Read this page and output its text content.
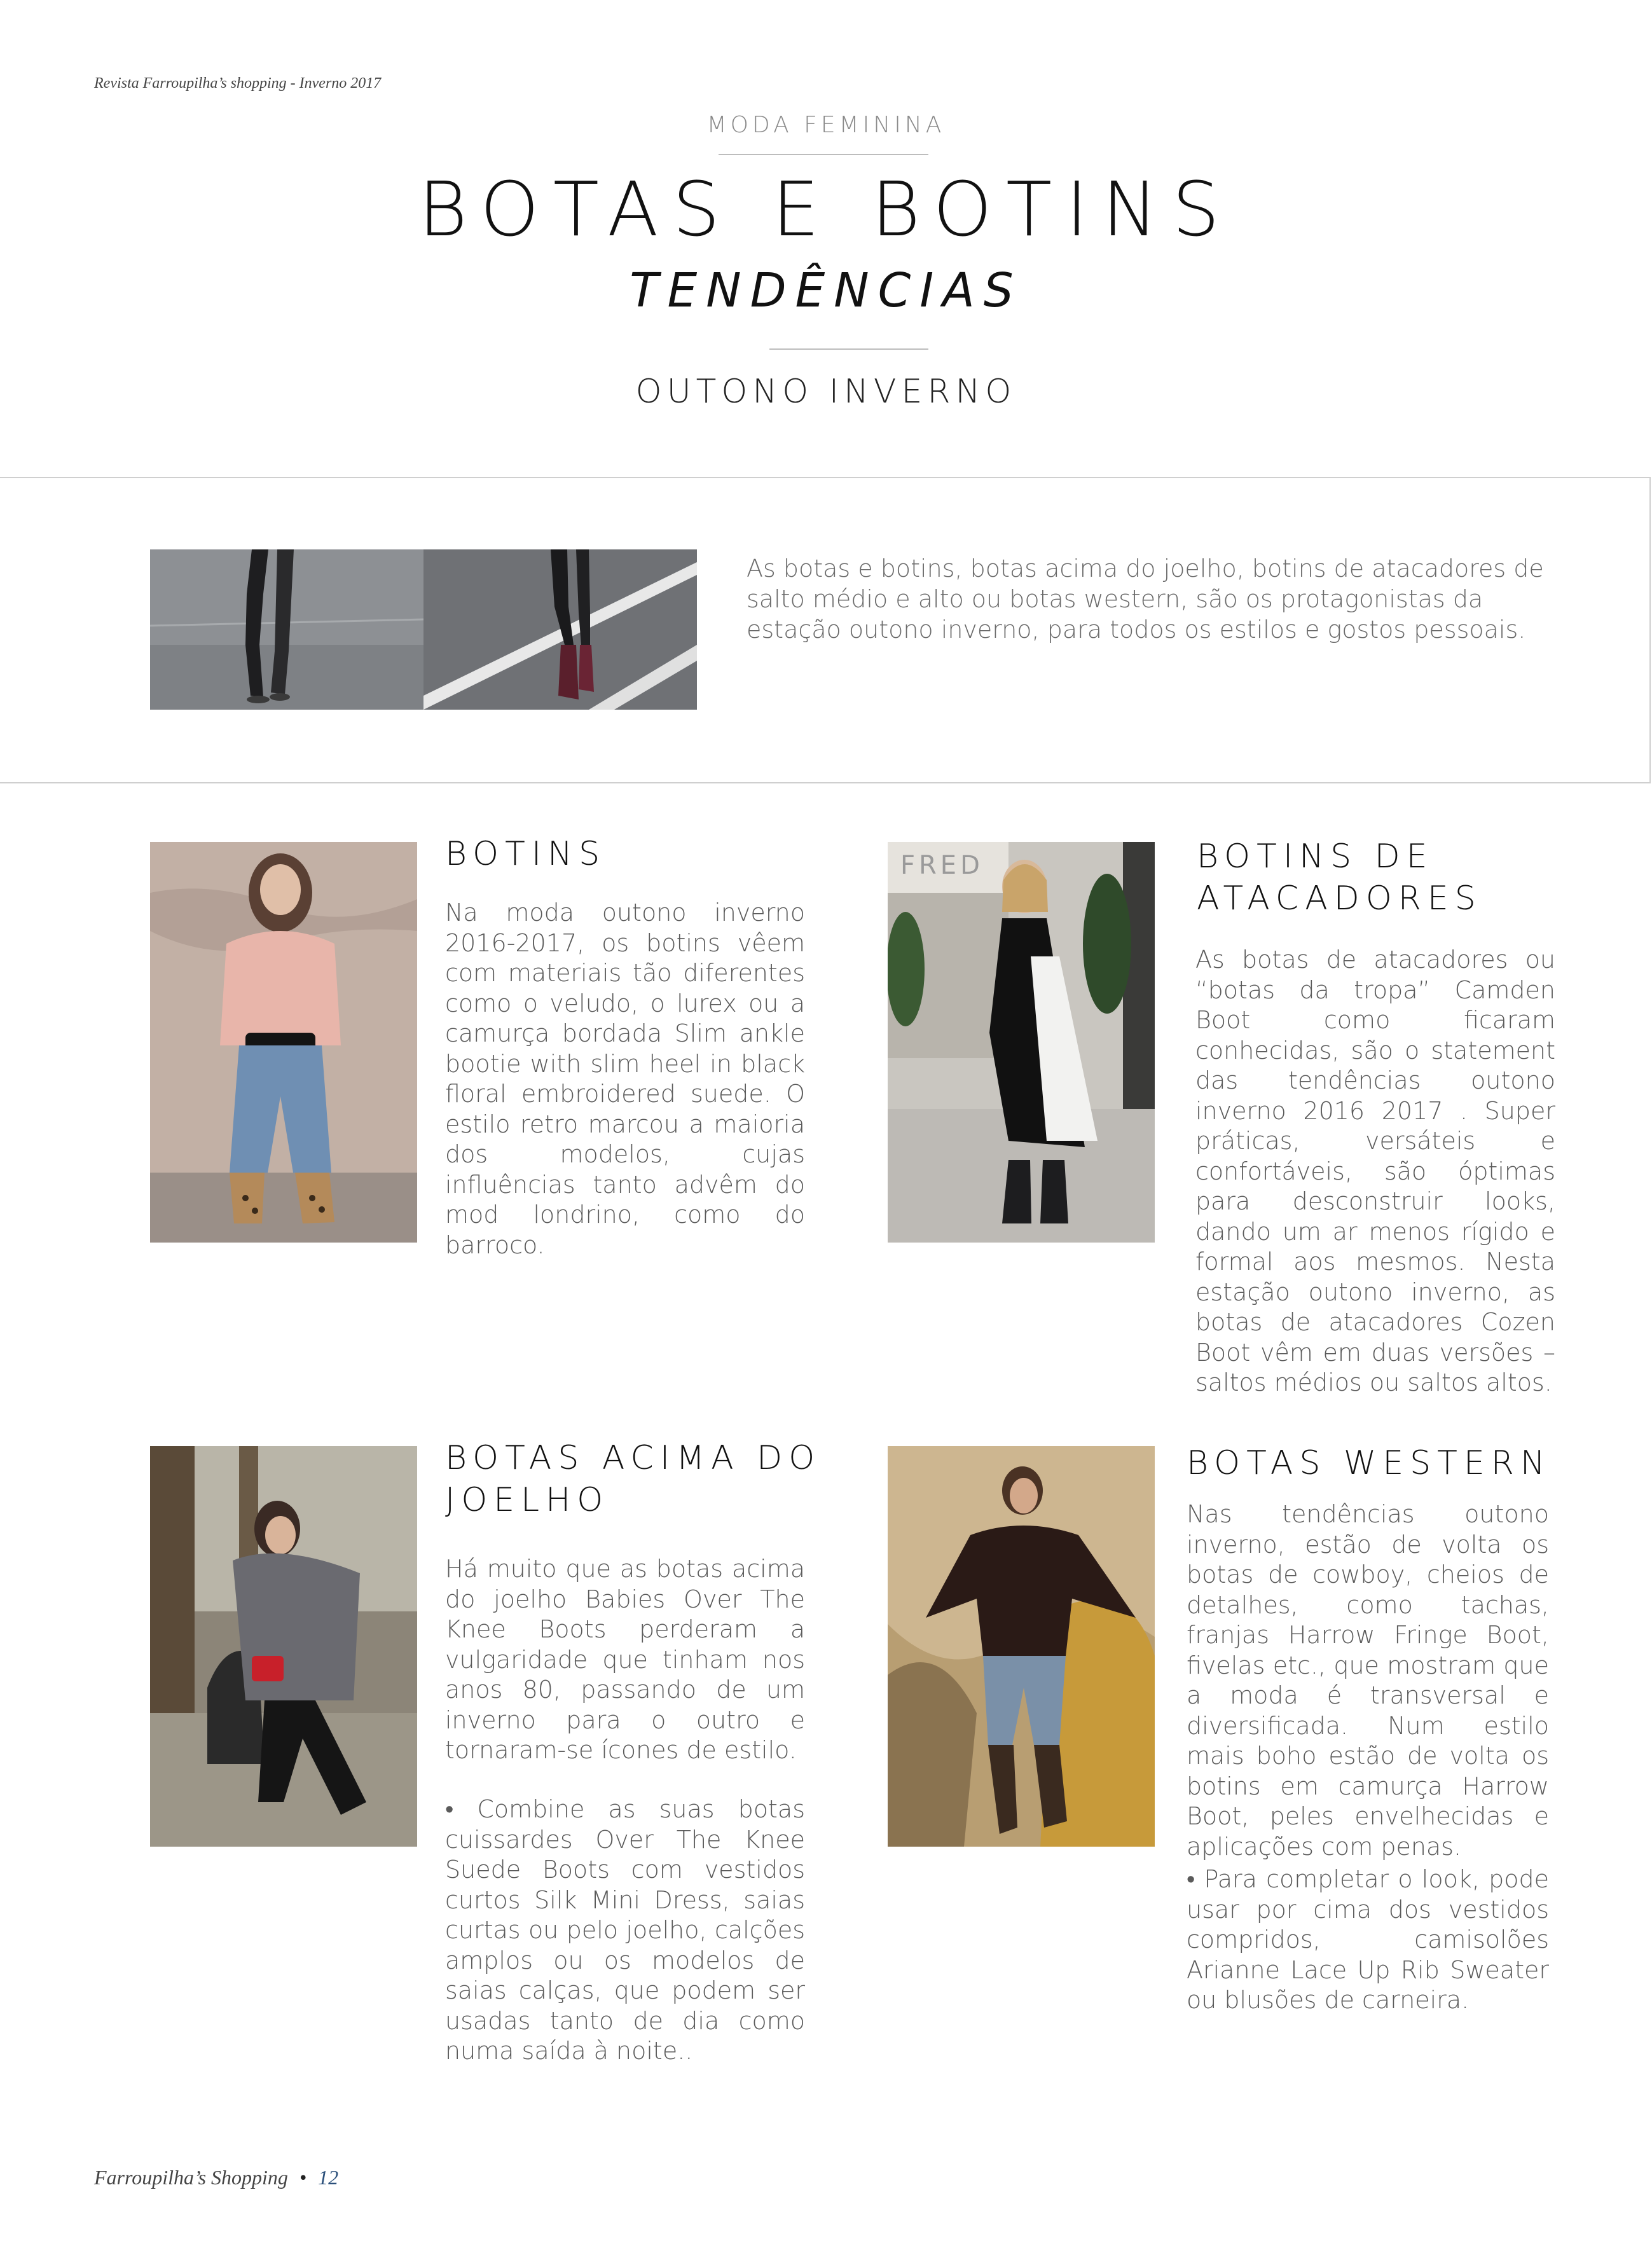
Revista Farroupilha’s shopping - Inverno 2017
MODA FEMININA
BOTAS E BOTINS
TENDÊNCIAS
OUTONO INVERNO
As botas e botins, botas acima do joelho, botins de atacadores de salto médio e alto ou botas western, são os protagonistas da estação outono inverno, para todos os estilos e gostos pessoais.
BOTINS
Na moda outono inverno 2016-2017, os botins vêem com materiais tão diferentes como o veludo, o lurex ou a camurça bordada Slim ankle bootie with slim heel in black floral embroidered suede. O estilo retro marcou a maioria dos modelos, cujas influências tanto advêm do mod londrino, como do barroco.
FRED	BOTINS DE
ATACADORES
As botas de atacadores ou “botas da tropa” Camden Boot como ficaram conhecidas, são o statement das tendências outono inverno 2016 2017 . Super práticas, versáteis e confortáveis, são óptimas para desconstruir looks, dando um ar menos rígido e formal aos mesmos. Nesta estação outono inverno, as botas de atacadores Cozen Boot vêm em duas versões – saltos médios ou saltos altos.
BOTAS ACIMA DO
JOELHO
Há muito que as botas acima do joelho Babies Over The Knee Boots perderam a vulgaridade que tinham nos anos 80, passando de um inverno para o outro e tornaram-se ícones de estilo.
• Combine as suas botas cuissardes Over The Knee Suede Boots com vestidos curtos Silk Mini Dress, saias curtas ou pelo joelho, calções amplos ou os modelos de saias calças, que podem ser usadas tanto de dia como numa saída à noite..
BOTAS WESTERN
Nas tendências outono inverno, estão de volta os botas de cowboy, cheios de detalhes, como tachas, franjas Harrow Fringe Boot, fivelas etc., que mostram que a moda é transversal e diversificada. Num estilo mais boho estão de volta os botins em camurça Harrow Boot, peles envelhecidas e aplicações com penas.
• Para completar o look, pode usar por cima dos vestidos compridos, camisolões Arianne Lace Up Rib Sweater ou blusões de carneira.
Farroupilha’s Shopping • 12
